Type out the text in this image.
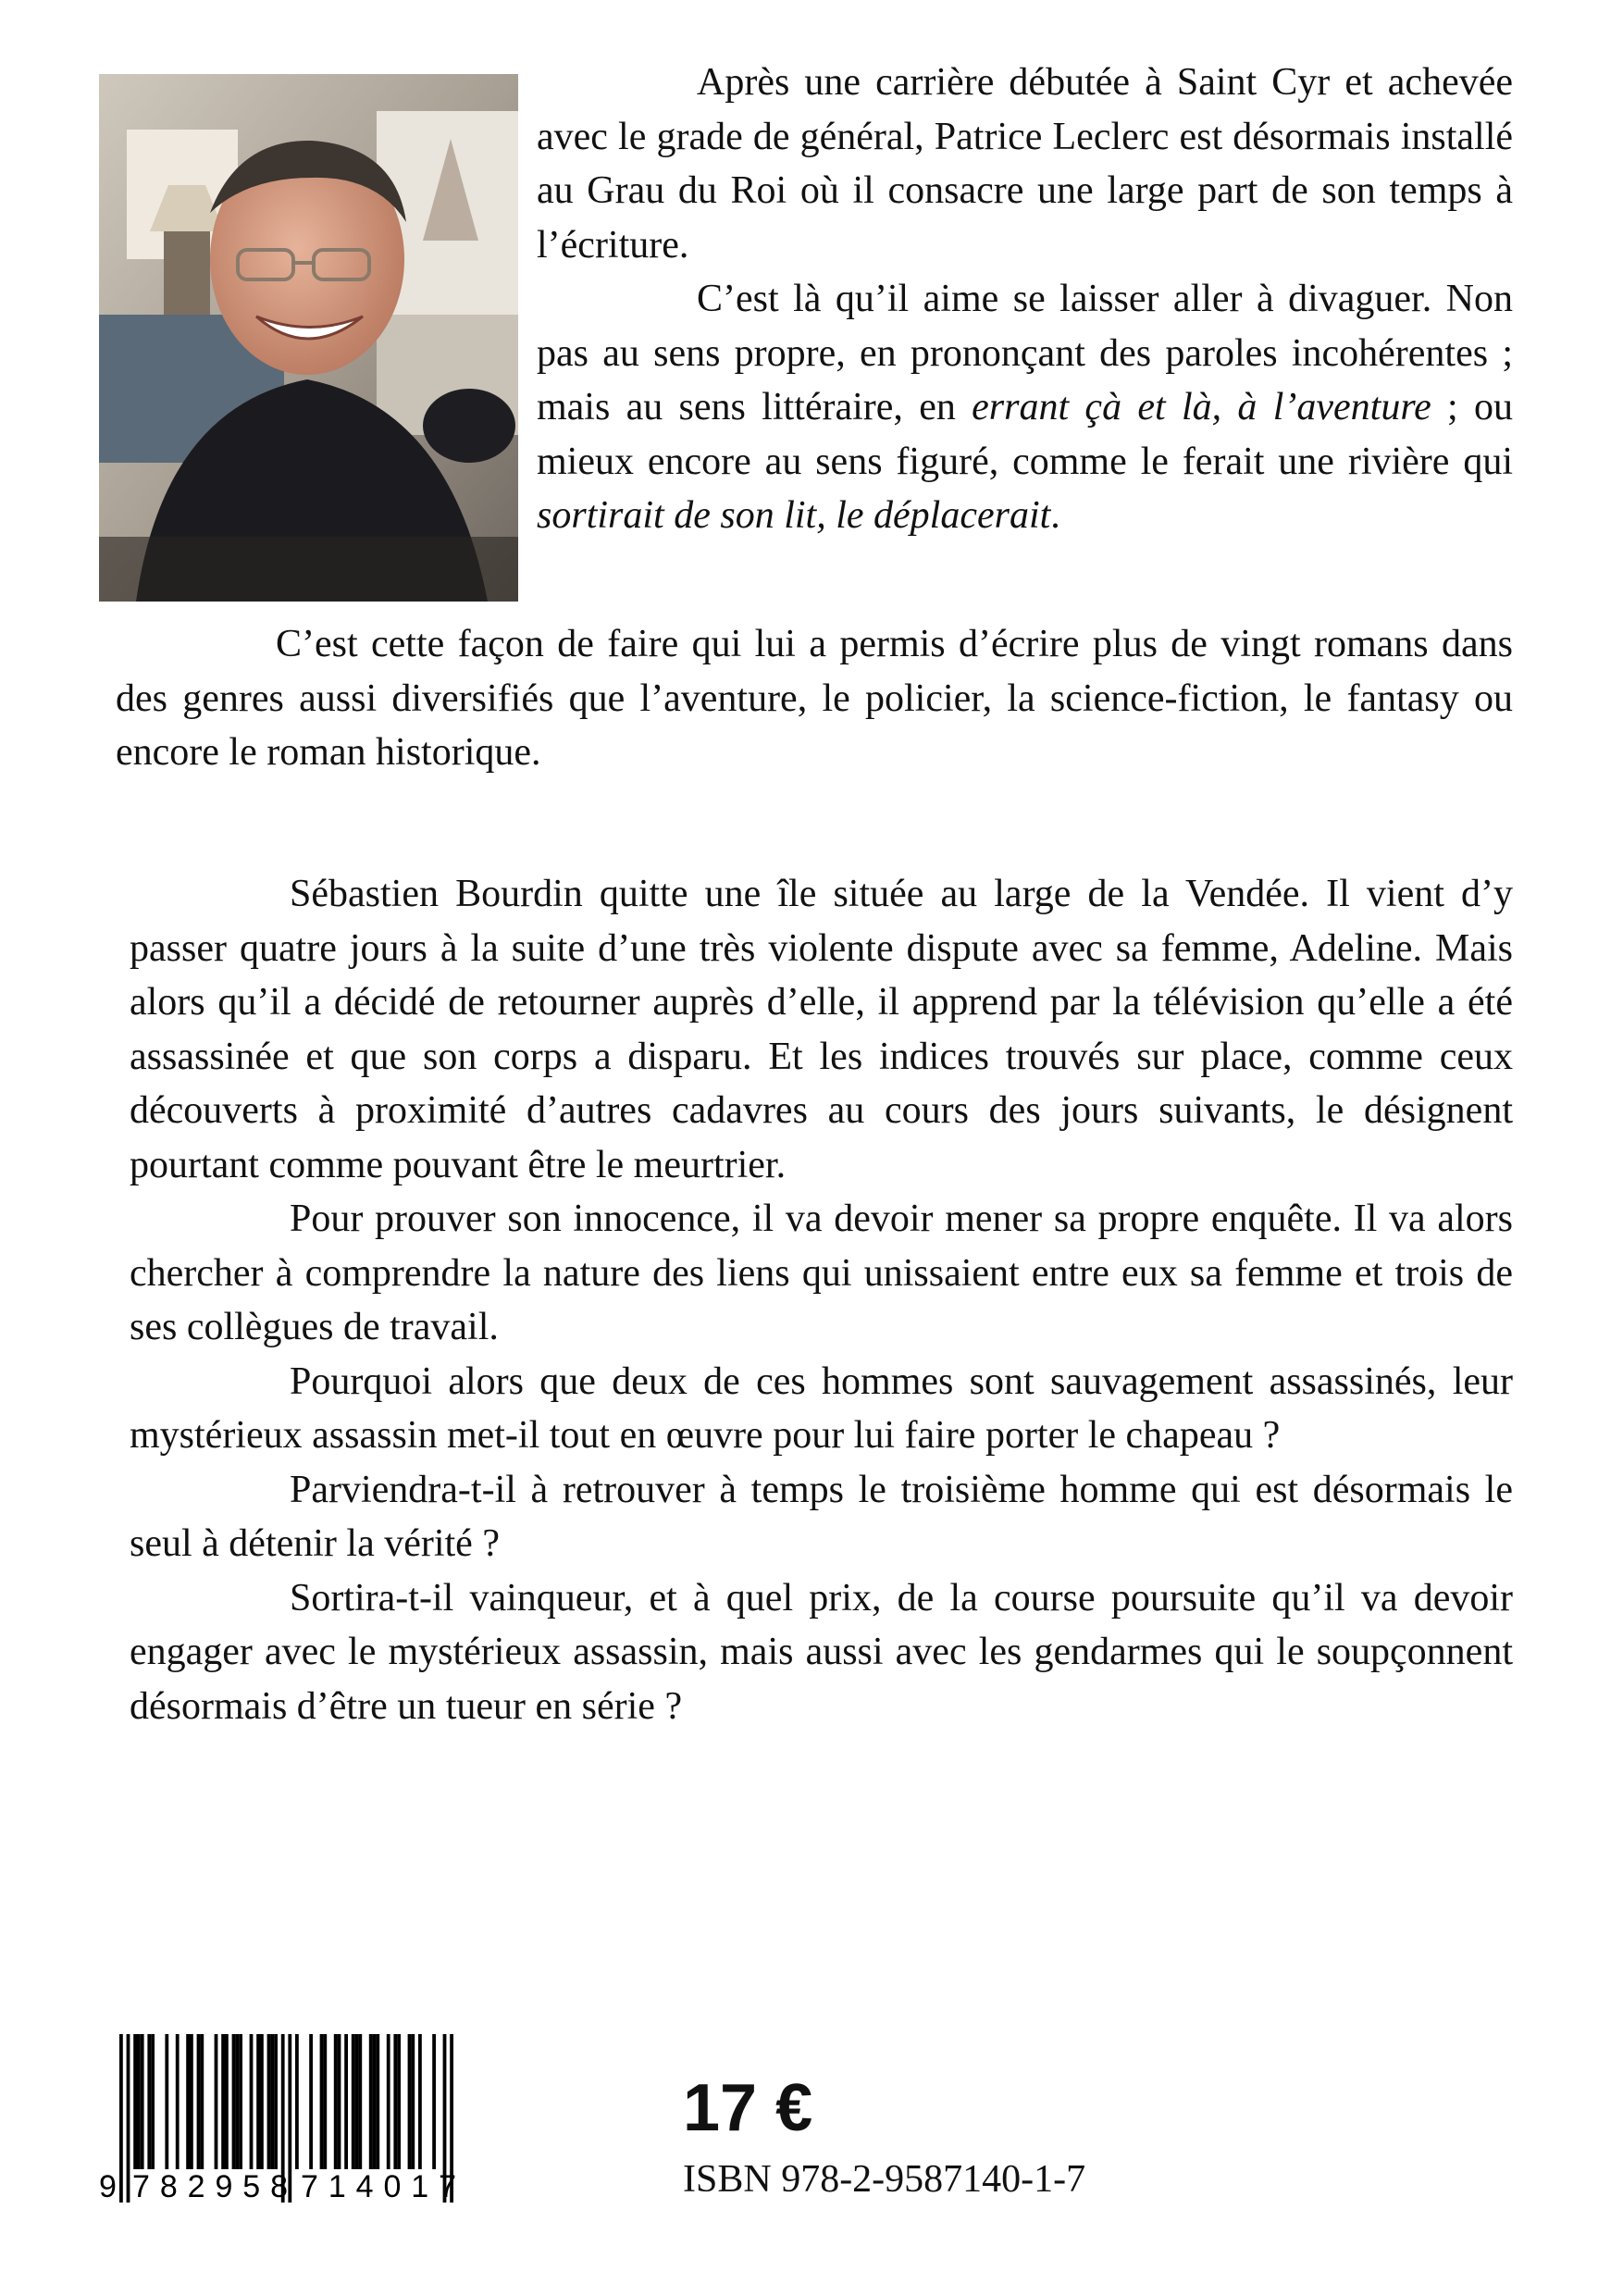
Après une carrière débutée à Saint Cyr et achevée avec le grade de général, Patrice Leclerc est désormais installé au Grau du Roi où il consacre une large part de son temps à l’écriture.

C’est là qu’il aime se laisser aller à divaguer. Non pas au sens propre, en prononçant des paroles incohérentes ; mais au sens littéraire, en errant çà et là, à l’aventure ; ou mieux encore au sens figuré, comme le ferait une rivière qui sortirait de son lit, le déplacerait.

C’est cette façon de faire qui lui a permis d’écrire plus de vingt romans dans des genres aussi diversifiés que l’aventure, le policier, la science-fiction, le fantasy ou encore le roman historique.

Sébastien Bourdin quitte une île située au large de la Vendée. Il vient d’y passer quatre jours à la suite d’une très violente dispute avec sa femme, Adeline. Mais alors qu’il a décidé de retourner auprès d’elle, il apprend par la télévision qu’elle a été assassinée et que son corps a disparu. Et les indices trouvés sur place, comme ceux découverts à proximité d’autres cadavres au cours des jours suivants, le désignent pourtant comme pouvant être le meurtrier.

Pour prouver son innocence, il va devoir mener sa propre enquête. Il va alors chercher à comprendre la nature des liens qui unissaient entre eux sa femme et trois de ses collègues de travail.

Pourquoi alors que deux de ces hommes sont sauvagement assassinés, leur mystérieux assassin met-il tout en œuvre pour lui faire porter le chapeau ?

Parviendra-t-il à retrouver à temps le troisième homme qui est désormais le seul à détenir la vérité ?

Sortira-t-il vainqueur, et à quel prix, de la course poursuite qu’il va devoir engager avec le mystérieux assassin, mais aussi avec les gendarmes qui le soupçonnent désormais d’être un tueur en série ?

9 782958 714017
17 €
ISBN 978-2-9587140-1-7
